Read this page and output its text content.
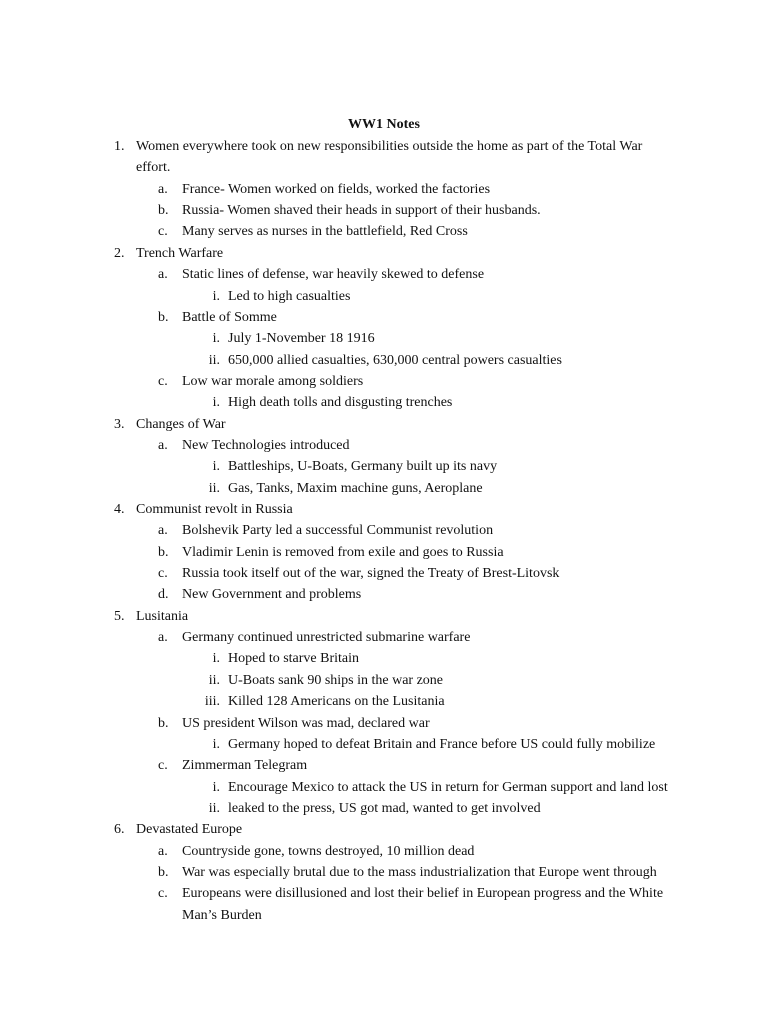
WW1 Notes
1. Women everywhere took on new responsibilities outside the home as part of the Total War
effort.
a.	France- Women worked on fields, worked the factories
b. Russia- Women shaved their heads in support of their husbands.
c.	Many serves as nurses in the battlefield, Red Cross
2. Trench Warfare
a.	Static lines of defense, war heavily skewed to defense
i. Led to high casualties
b. Battle of Somme
i. July 1-November 18 1916
ii. 650,000 allied casualties, 630,000 central powers casualties
c.	Low war morale among soldiers
i. High death tolls and disgusting trenches
3. Changes of War
a.	New Technologies introduced
i. Battleships, U-Boats, Germany built up its navy
ii. Gas, Tanks, Maxim machine guns, Aeroplane
4. Communist revolt in Russia
a.	Bolshevik Party led a successful Communist revolution
b. Vladimir Lenin is removed from exile and goes to Russia
c.	Russia took itself out of the war, signed the Treaty of Brest-Litovsk
d. New Government and problems
5. Lusitania
a.	Germany continued unrestricted submarine warfare
i. Hoped to starve Britain
ii. U-Boats sank 90 ships in the war zone
iii. Killed 128 Americans on the Lusitania
b. US president Wilson was mad, declared war
i. Germany hoped to defeat Britain and France before US could fully mobilize
c.	Zimmerman Telegram
i. Encourage Mexico to attack the US in return for German support and land lost
ii. leaked to the press, US got mad, wanted to get involved
6. Devastated Europe
a.	Countryside gone, towns destroyed, 10 million dead
b. War was especially brutal due to the mass industrialization that Europe went through
c.	Europeans were disillusioned and lost their belief in European progress and the White
Man’s Burden
